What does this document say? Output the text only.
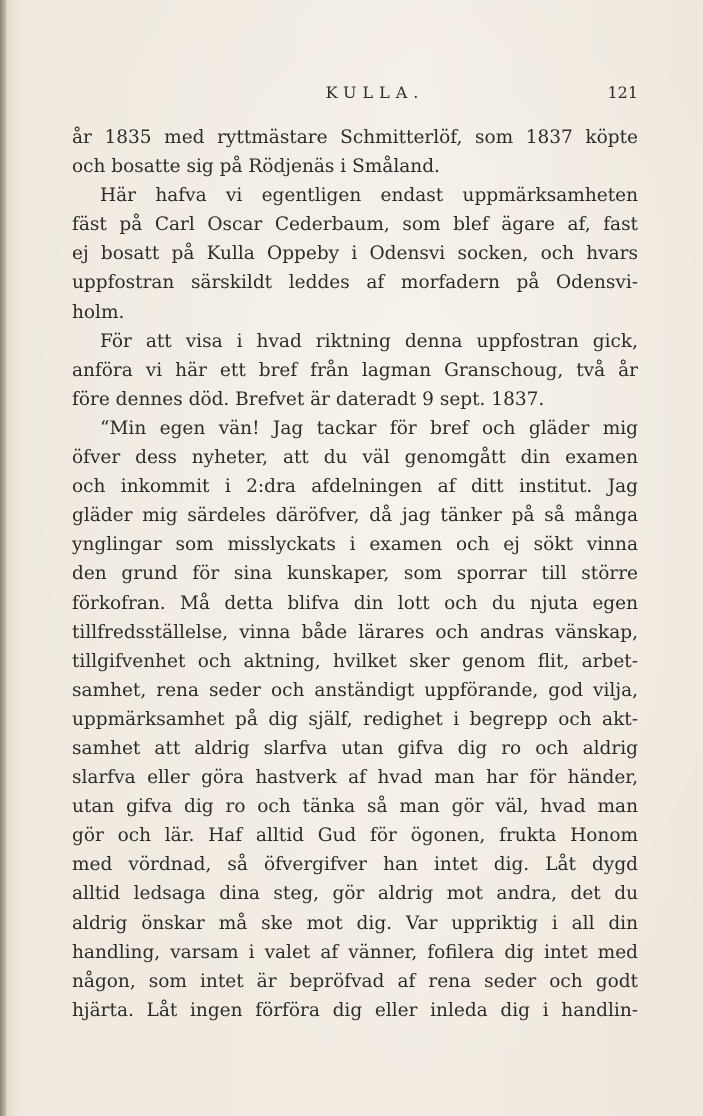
KULLA.	121
år 1835 med ryttmästare Schmitterlöf, som 1837 köpte
och bosatte sig på Rödjenäs i Småland.
Här hafva vi egentligen endast uppmärksamheten
fäst på Carl Oscar Cederbaum, som blef ägare af, fast
ej bosatt på Kulla Oppeby i Odensvi socken, och hvars
uppfostran särskildt leddes af morfadern på Odensvi-
holm.
För att visa i hvad riktning denna uppfostran gick,
anföra vi här ett bref från lagman Granschoug, två år
före dennes död. Brefvet är dateradt 9 sept. 1837.
“Min egen vän! Jag tackar för bref och gläder mig
öfver dess nyheter, att du väl genomgått din examen
och inkommit i 2:dra afdelningen af ditt institut. Jag
gläder mig särdeles däröfver, då jag tänker på så många
ynglingar som misslyckats i examen och ej sökt vinna
den grund för sina kunskaper, som sporrar till större
förkofran. Må detta blifva din lott och du njuta egen
tillfredsställelse, vinna både lärares och andras vänskap,
tillgifvenhet och aktning, hvilket sker genom flit, arbet-
samhet, rena seder och anständigt uppförande, god vilja,
uppmärksamhet på dig själf, redighet i begrepp och akt-
samhet att aldrig slarfva utan gifva dig ro och aldrig
slarfva eller göra hastverk af hvad man har för händer,
utan gifva dig ro och tänka så man gör väl, hvad man
gör och lär. Haf alltid Gud för ögonen, frukta Honom
med vördnad, så öfvergifver han intet dig. Låt dygd
alltid ledsaga dina steg, gör aldrig mot andra, det du
aldrig önskar må ske mot dig. Var uppriktig i all din
handling, varsam i valet af vänner, fofilera dig intet med
någon, som intet är bepröfvad af rena seder och godt
hjärta. Låt ingen förföra dig eller inleda dig i handlin-
